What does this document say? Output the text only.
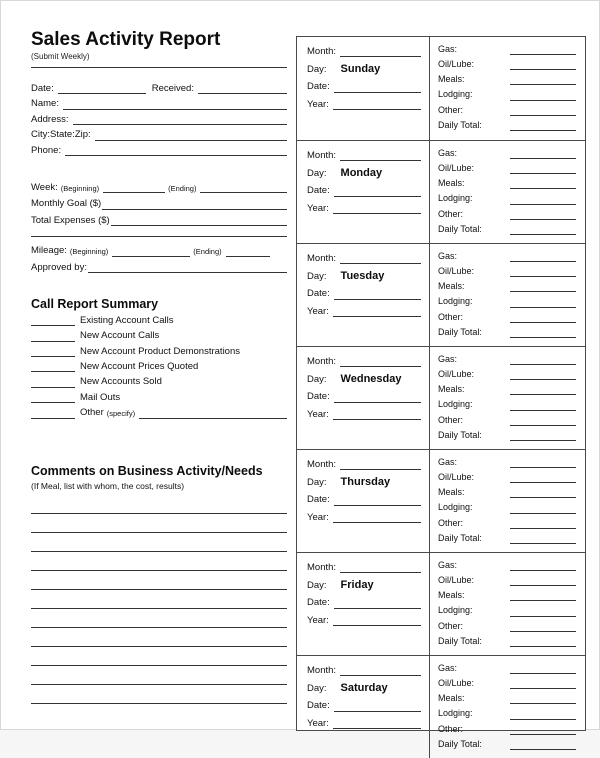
Sales Activity Report
(Submit Weekly)
Date:	Received:
Name:
Address:
City:State:Zip:
Phone:
Week: (Beginning)	(Ending)
Monthly Goal ($)
Total Expenses ($)
Mileage: (Beginning)	(Ending)
Approved by:
Call Report Summary
Existing Account Calls
New Account Calls
New Account Product Demonstrations
New Account Prices Quoted
New Accounts Sold
Mail Outs
Other (specify)
Comments on Business Activity/Needs
(If Meal, list with whom, the cost, results)
Month:
Day: Sunday
Date:
Year:
Gas:
Oil/Lube:
Meals:
Lodging:
Other:
Daily Total:
Month:
Day: Monday
Date:
Year:
Gas:
Oil/Lube:
Meals:
Lodging:
Other:
Daily Total:
Month:
Day: Tuesday
Date:
Year:
Gas:
Oil/Lube:
Meals:
Lodging:
Other:
Daily Total:
Month:
Day: Wednesday
Date:
Year:
Gas:
Oil/Lube:
Meals:
Lodging:
Other:
Daily Total:
Month:
Day: Thursday
Date:
Year:
Gas:
Oil/Lube:
Meals:
Lodging:
Other:
Daily Total:
Month:
Day: Friday
Date:
Year:
Gas:
Oil/Lube:
Meals:
Lodging:
Other:
Daily Total:
Month:
Day: Saturday
Date:
Year:
Gas:
Oil/Lube:
Meals:
Lodging:
Other:
Daily Total:
